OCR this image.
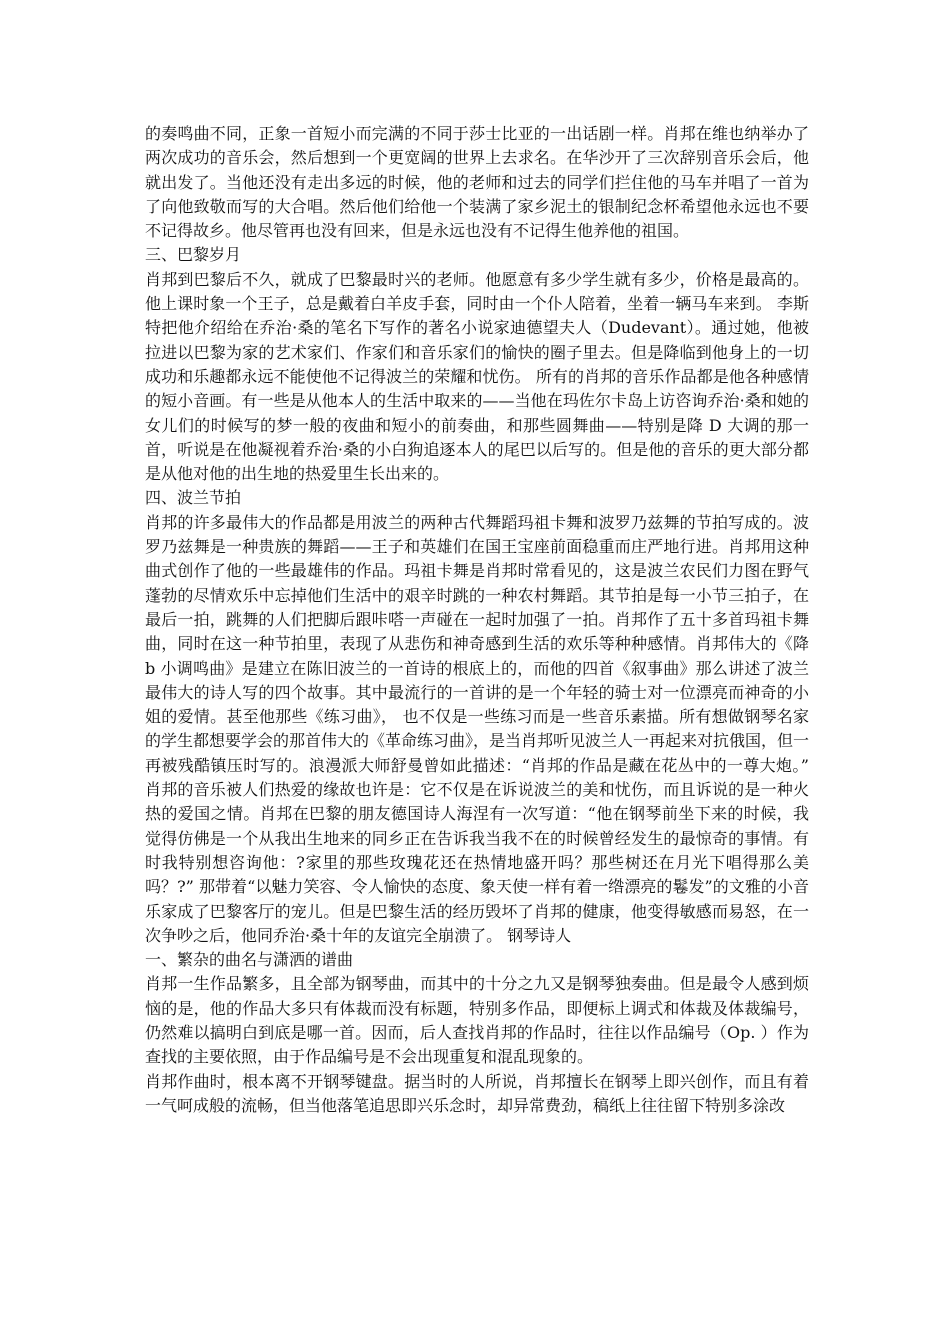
的奏鸣曲不同，正象一首短小而完满的不同于莎士比亚的一出话剧一样。肖邦在维也纳举办了两次成功的音乐会，然后想到一个更宽阔的世界上去求名。在华沙开了三次辞别音乐会后，他就出发了。当他还没有走出多远的时候，他的老师和过去的同学们拦住他的马车并唱了一首为了向他致敬而写的大合唱。然后他们给他一个装满了家乡泥土的银制纪念杯希望他永远也不要不记得故乡。他尽管再也没有回来，但是永远也没有不记得生他养他的祖国。

三、巴黎岁月

肖邦到巴黎后不久，就成了巴黎最时兴的老师。他愿意有多少学生就有多少，价格是最高的。他上课时象一个王子，总是戴着白羊皮手套，同时由一个仆人陪着，坐着一辆马车来到。 李斯特把他介绍给在乔治·桑的笔名下写作的著名小说家迪德望夫人（Dudevant）。通过她，他被拉进以巴黎为家的艺术家们、作家们和音乐家们的愉快的圈子里去。但是降临到他身上的一切成功和乐趣都永远不能使他不记得波兰的荣耀和忧伤。 所有的肖邦的音乐作品都是他各种感情的短小音画。有一些是从他本人的生活中取来的——当他在玛佐尔卡岛上访咨询乔治·桑和她的女儿们的时候写的梦一般的夜曲和短小的前奏曲，和那些圆舞曲——特别是降 D 大调的那一首，听说是在他凝视着乔治·桑的小白狗追逐本人的尾巴以后写的。但是他的音乐的更大部分都是从他对他的出生地的热爱里生长出来的。

四、波兰节拍

肖邦的许多最伟大的作品都是用波兰的两种古代舞蹈玛祖卡舞和波罗乃兹舞的节拍写成的。波罗乃兹舞是一种贵族的舞蹈——王子和英雄们在国王宝座前面稳重而庄严地行进。肖邦用这种曲式创作了他的一些最雄伟的作品。玛祖卡舞是肖邦时常看见的，这是波兰农民们力图在野气蓬勃的尽情欢乐中忘掉他们生活中的艰辛时跳的一种农村舞蹈。其节拍是每一小节三拍子，在最后一拍，跳舞的人们把脚后跟咔嗒一声碰在一起时加强了一拍。肖邦作了五十多首玛祖卡舞曲，同时在这一种节拍里，表现了从悲伤和神奇感到生活的欢乐等种种感情。肖邦伟大的《降 b 小调鸣曲》是建立在陈旧波兰的一首诗的根底上的，而他的四首《叙事曲》那么讲述了波兰最伟大的诗人写的四个故事。其中最流行的一首讲的是一个年轻的骑士对一位漂亮而神奇的小姐的爱情。甚至他那些《练习曲》， 也不仅是一些练习而是一些音乐素描。所有想做钢琴名家的学生都想要学会的那首伟大的《革命练习曲》，是当肖邦听见波兰人一再起来对抗俄国，但一再被残酷镇压时写的。浪漫派大师舒曼曾如此描述：“肖邦的作品是藏在花丛中的一尊大炮。” 肖邦的音乐被人们热爱的缘故也许是：它不仅是在诉说波兰的美和忧伤，而且诉说的是一种火热的爱国之情。肖邦在巴黎的朋友德国诗人海涅有一次写道：“他在钢琴前坐下来的时候，我觉得仿佛是一个从我出生地来的同乡正在告诉我当我不在的时候曾经发生的最惊奇的事情。有时我特别想咨询他：?家里的那些玫瑰花还在热情地盛开吗？那些树还在月光下唱得那么美吗？?” 那带着“以魅力笑容、令人愉快的态度、象天使一样有着一绺漂亮的鬈发”的文雅的小音乐家成了巴黎客厅的宠儿。但是巴黎生活的经历毁坏了肖邦的健康，他变得敏感而易怒，在一次争吵之后，他同乔治·桑十年的友谊完全崩溃了。 钢琴诗人

一、繁杂的曲名与潇洒的谱曲

肖邦一生作品繁多，且全部为钢琴曲，而其中的十分之九又是钢琴独奏曲。但是最令人感到烦恼的是，他的作品大多只有体裁而没有标题，特别多作品，即便标上调式和体裁及体裁编号，仍然难以搞明白到底是哪一首。因而，后人查找肖邦的作品时，往往以作品编号（Op. ）作为查找的主要依照，由于作品编号是不会出现重复和混乱现象的。

肖邦作曲时，根本离不开钢琴键盘。据当时的人所说，肖邦擅长在钢琴上即兴创作，而且有着一气呵成般的流畅，但当他落笔追思即兴乐念时，却异常费劲，稿纸上往往留下特别多涂改
